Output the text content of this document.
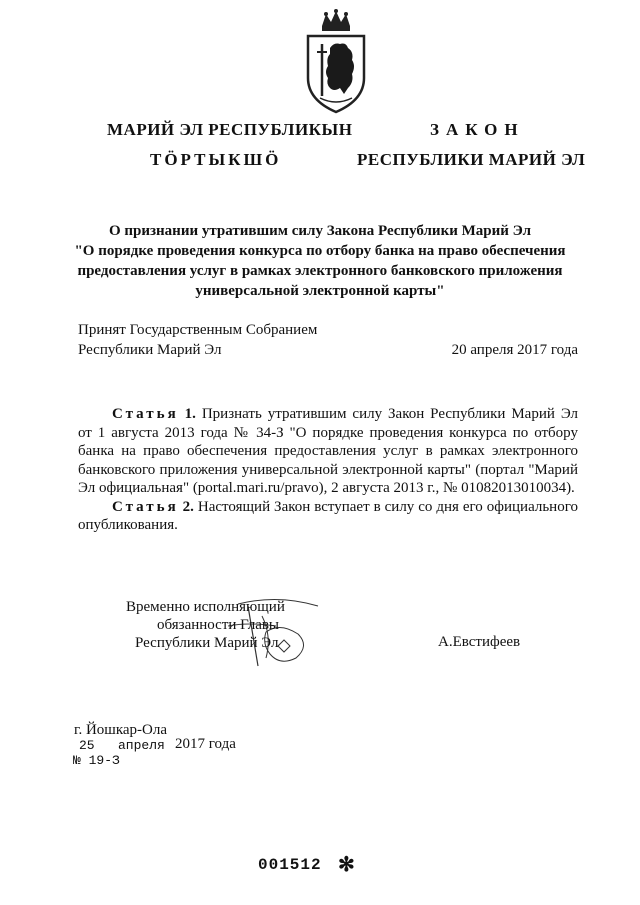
МАРИЙ ЭЛ РЕСПУБЛИКЫН
ТӦРТЫКШӦ
ЗАКОН
РЕСПУБЛИКИ МАРИЙ ЭЛ
О признании утратившим силу Закона Республики Марий Эл
"О порядке проведения конкурса по отбору банка на право обеспечения
предоставления услуг в рамках электронного банковского приложения
универсальной электронной карты"
Принят Государственным Собранием
Республики Марий Эл	20 апреля 2017 года

Статья 1. Признать утратившим силу Закон Республики Марий Эл от 1 августа 2013 года № 34-З "О порядке проведения конкурса по отбору банка на право обеспечения предоставления услуг в рамках электронного банковского приложения универсальной электронной карты" (портал "Марий Эл официальная" (portal.mari.ru/pravo), 2 августа 2013 г., № 01082013010034).

Статья 2. Настоящий Закон вступает в силу со дня его официального опубликования.

Временно исполняющий
обязанности Главы
Республики Марий Эл	А.Евстифеев
г. Йошкар-Ола
25 апреля 2017 года
№ 19-З
001512 ✻
